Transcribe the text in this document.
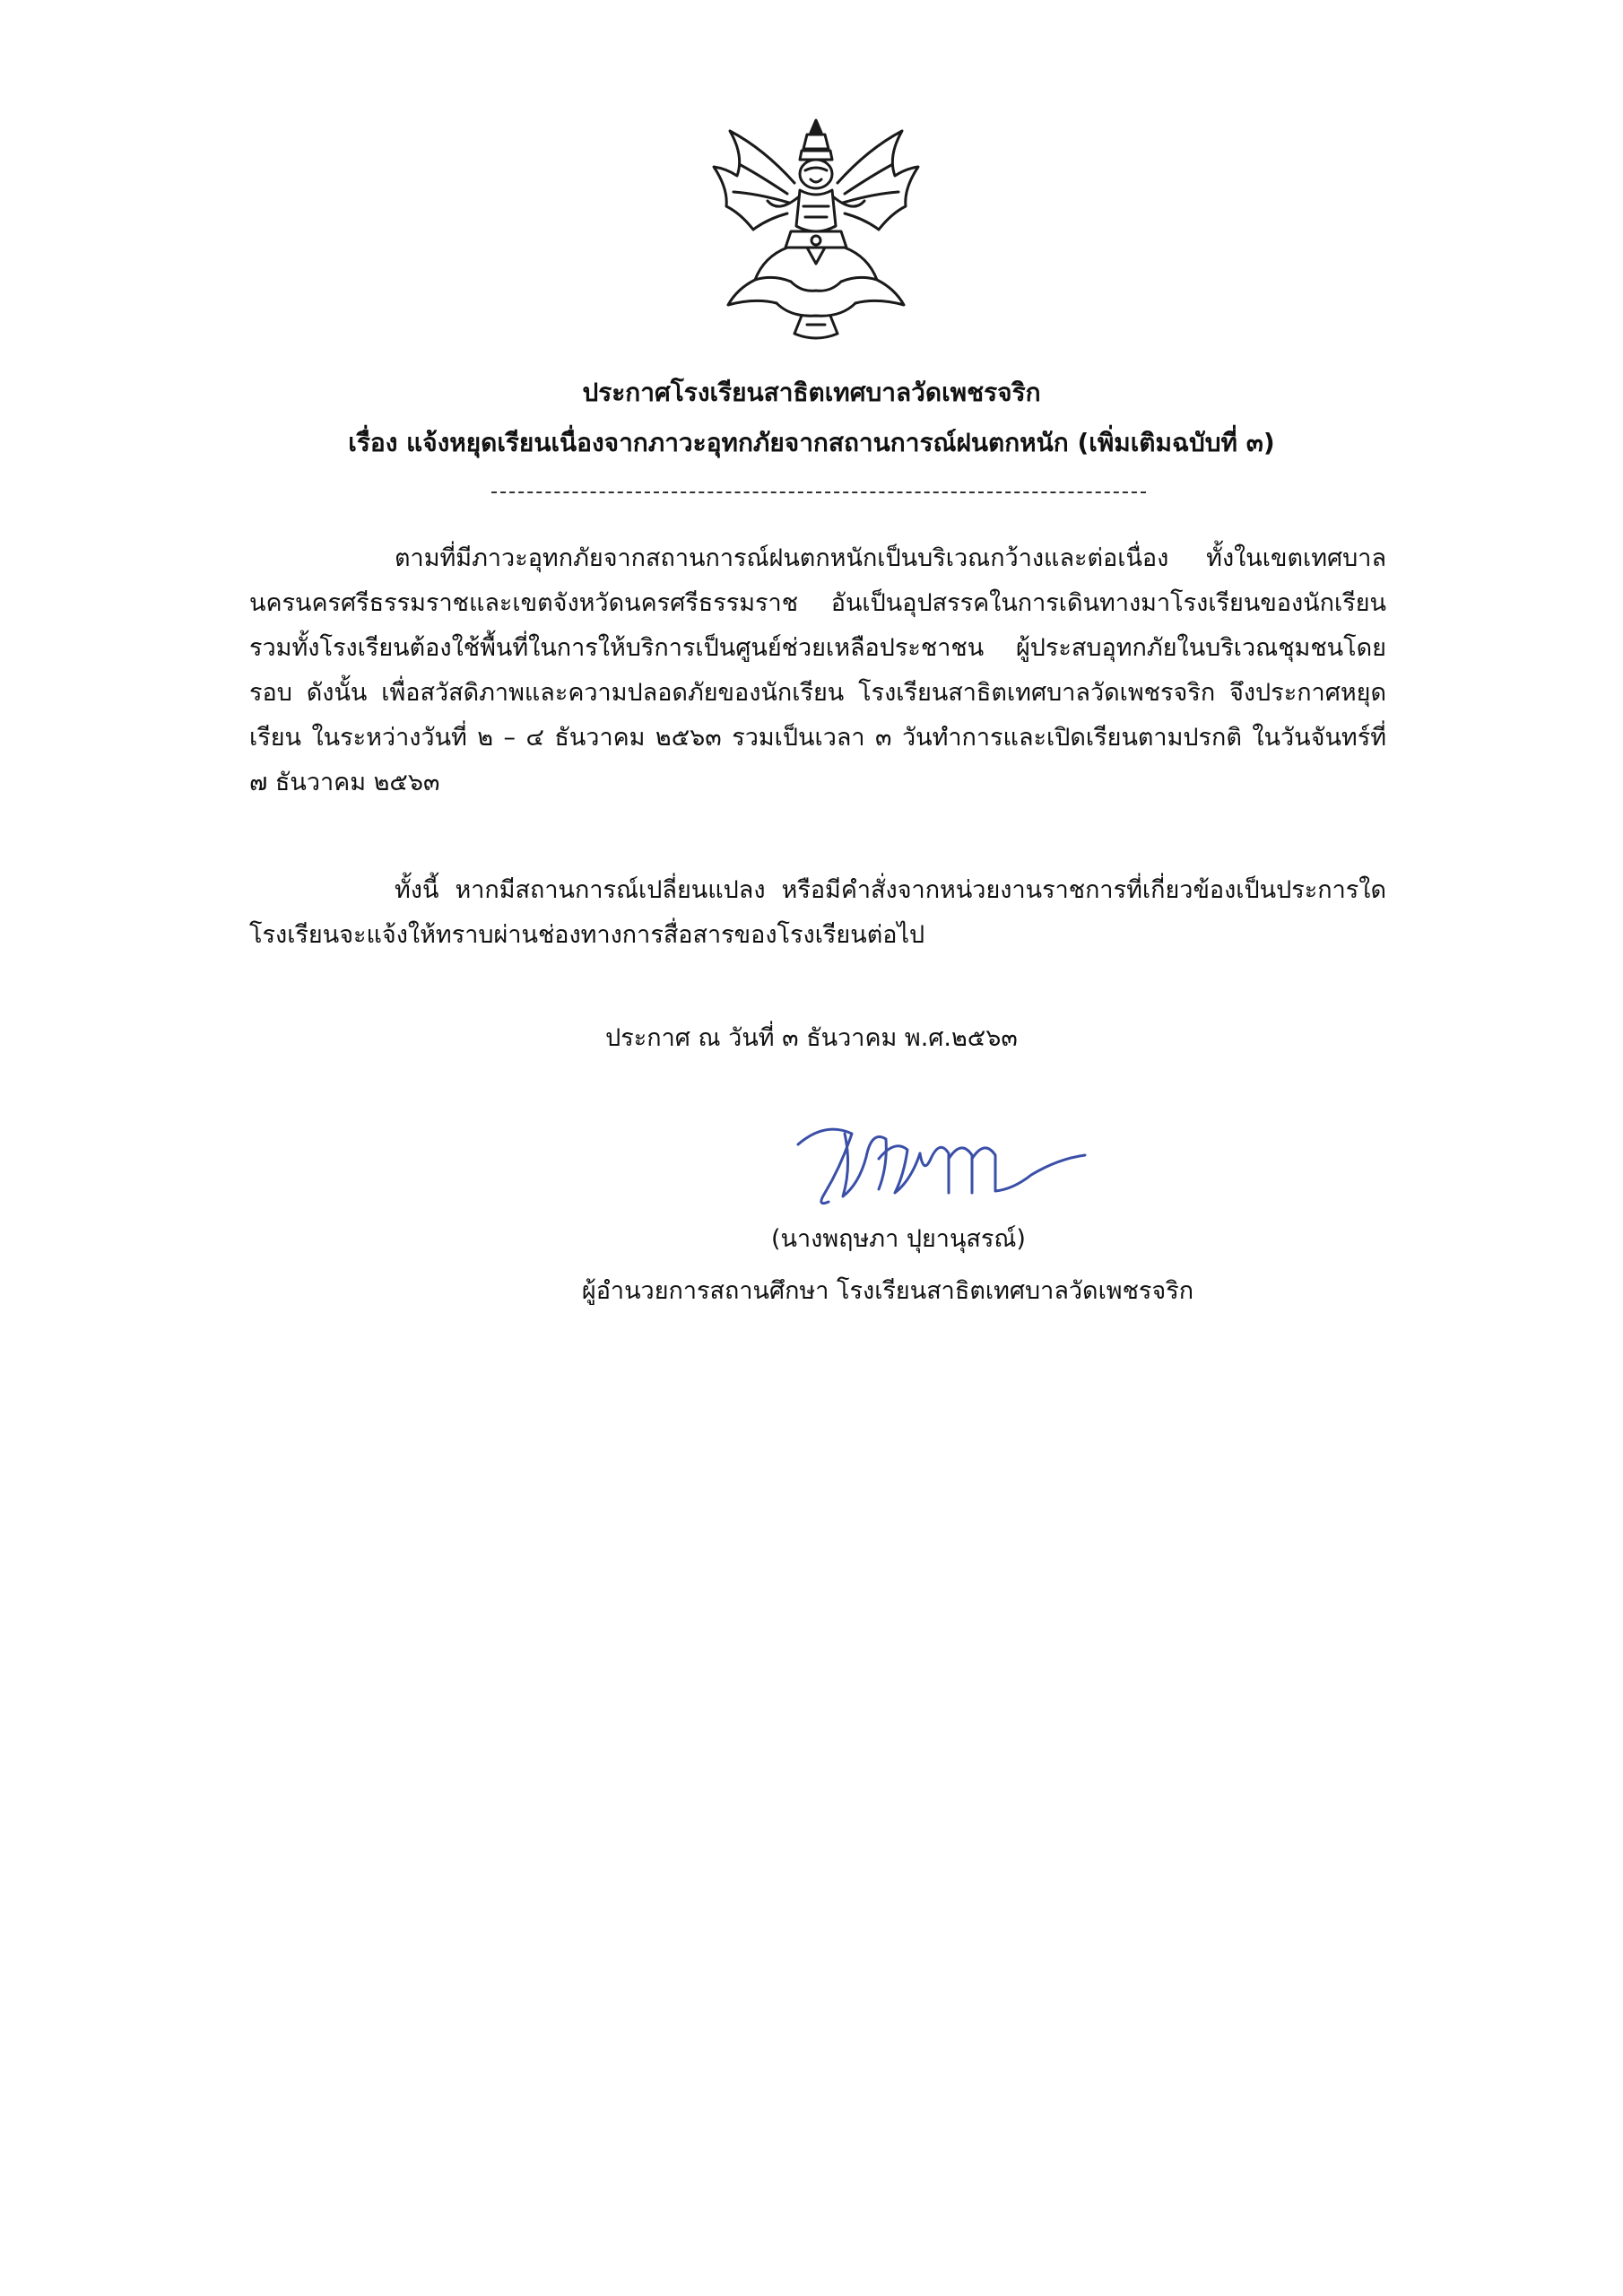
ประกาศโรงเรียนสาธิตเทศบาลวัดเพชรจริก
เรื่อง แจ้งหยุดเรียนเนื่องจากภาวะอุทกภัยจากสถานการณ์ฝนตกหนัก (เพิ่มเติมฉบับที่ ๓)
ตามที่มีภาวะอุทกภัยจากสถานการณ์ฝนตกหนักเป็นบริเวณกว้างและต่อเนื่อง ทั้งในเขตเทศบาลนครนครศรีธรรมราชและเขตจังหวัดนครศรีธรรมราช อันเป็นอุปสรรคในการเดินทางมาโรงเรียนของนักเรียน รวมทั้งโรงเรียนต้องใช้พื้นที่ในการให้บริการเป็นศูนย์ช่วยเหลือประชาชน ผู้ประสบอุทกภัยในบริเวณชุมชนโดยรอบ ดังนั้น เพื่อสวัสดิภาพและความปลอดภัยของนักเรียน โรงเรียนสาธิตเทศบาลวัดเพชรจริก จึงประกาศหยุดเรียน ในระหว่างวันที่ ๒ – ๔ ธันวาคม ๒๕๖๓ รวมเป็นเวลา ๓ วันทำการและเปิดเรียนตามปรกติ ในวันจันทร์ที่ ๗ ธันวาคม ๒๕๖๓
ทั้งนี้ หากมีสถานการณ์เปลี่ยนแปลง หรือมีคำสั่งจากหน่วยงานราชการที่เกี่ยวข้องเป็นประการใด โรงเรียนจะแจ้งให้ทราบผ่านช่องทางการสื่อสารของโรงเรียนต่อไป
ประกาศ ณ วันที่ ๓ ธันวาคม พ.ศ.๒๕๖๓
(นางพฤษภา ปุยานุสรณ์)
ผู้อำนวยการสถานศึกษา โรงเรียนสาธิตเทศบาลวัดเพชรจริก
